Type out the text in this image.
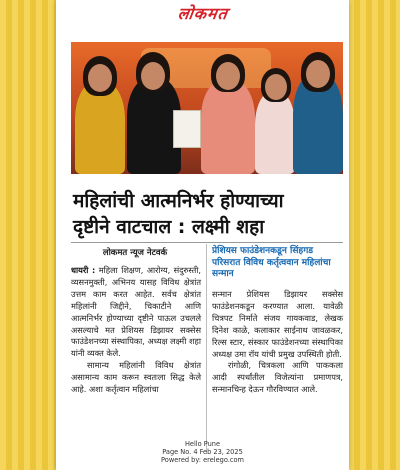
लोकमत
महिलांची आत्मनिर्भर होण्याच्या
दृष्टीने वाटचाल : लक्ष्मी शहा
लोकमत न्यूज नेटवर्क

धायरी : महिला शिक्षण, आरोग्य, संदुरुस्ती, व्यसनमुक्ती, अभिनय यासह विविध क्षेत्रांत उत्तम काम करत आहेत. सर्वच क्षेत्रांत महिलांनी जिद्दीने, चिकाटीने आणि आत्मनिर्भर होण्याच्या दृष्टीने पाऊल उचलले असल्याचे मत प्रेशियस डिझायर सक्सेस फाउंडेशनच्या संस्थापिका, अध्यक्ष लक्ष्मी शहा यांनी व्यक्त केले.

सामान्य महिलांनी विविध क्षेत्रांत असामान्य काम करून स्वतःला सिद्ध केले आहे. अशा कर्तृत्वान महिलांचा

प्रेशियस फाउंडेशनकडून सिंहगड परिसरात विविध कर्तृत्ववान महिलांचा सन्मान

सन्मान प्रेशियस डिझायर सक्सेस फाउंडेशनकडून करण्यात आला. यावेळी चित्रपट निर्माते संजय गायकवाड, लेखक दिनेश काळे, कलाकार साईनाथ जावळकर, रिल्स स्टार, संस्कार फाउंडेशनच्या संस्थापिका अध्यक्ष उमा रॉय यांची प्रमुख उपस्थिती होती.

रांगोळी, चित्रकला आणि पाककला आदी स्पर्धांतील विजेत्यांना प्रमाणपत्र, सन्मानचिन्ह देऊन गौरविण्यात आले.

Hello Pune
Page No. 4 Feb 23, 2025
Powered by: erelego.com
